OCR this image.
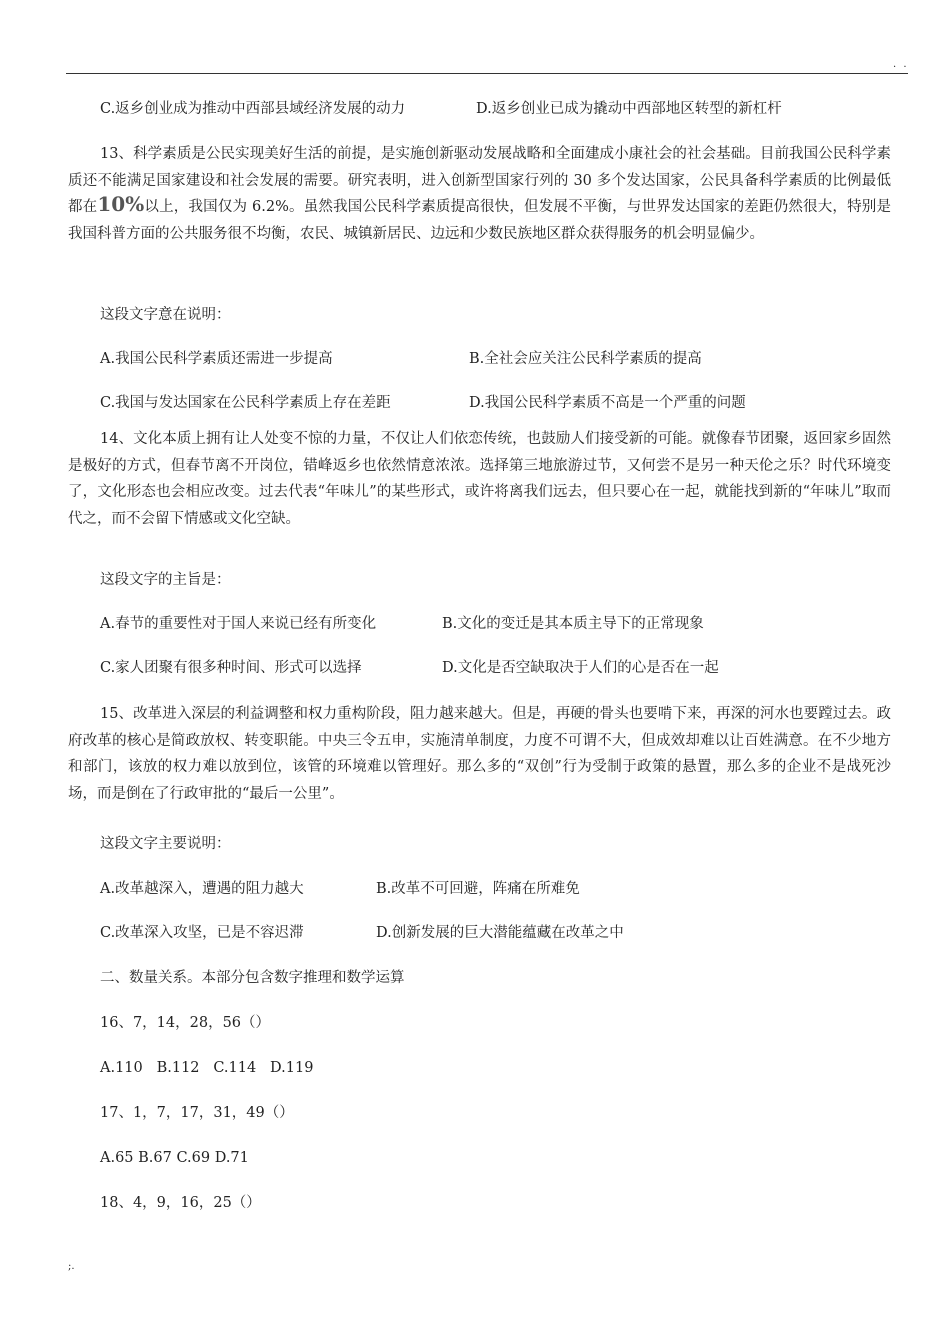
. .
C.返乡创业成为推动中西部县域经济发展的动力	D.返乡创业已成为撬动中西部地区转型的新杠杆
13、科学素质是公民实现美好生活的前提，是实施创新驱动发展战略和全面建成小康社会的社会基础。目前我国公民科学素质还不能满足国家建设和社会发展的需要。研究表明，进入创新型国家行列的 30 多个发达国家，公民具备科学素质的比例最低都在10%以上，我国仅为 6.2%。虽然我国公民科学素质提高很快，但发展不平衡，与世界发达国家的差距仍然很大，特别是我国科普方面的公共服务很不均衡，农民、城镇新居民、边远和少数民族地区群众获得服务的机会明显偏少。
这段文字意在说明：
A.我国公民科学素质还需进一步提高	B.全社会应关注公民科学素质的提高
C.我国与发达国家在公民科学素质上存在差距	D.我国公民科学素质不高是一个严重的问题
14、文化本质上拥有让人处变不惊的力量，不仅让人们依恋传统，也鼓励人们接受新的可能。就像春节团聚，返回家乡固然是极好的方式，但春节离不开岗位，错峰返乡也依然情意浓浓。选择第三地旅游过节，又何尝不是另一种天伦之乐？时代环境变了，文化形态也会相应改变。过去代表“年味儿”的某些形式，或许将离我们远去，但只要心在一起，就能找到新的“年味儿”取而代之，而不会留下情感或文化空缺。
这段文字的主旨是：
A.春节的重要性对于国人来说已经有所变化	B.文化的变迁是其本质主导下的正常现象
C.家人团聚有很多种时间、形式可以选择	D.文化是否空缺取决于人们的心是否在一起
15、改革进入深层的利益调整和权力重构阶段，阻力越来越大。但是，再硬的骨头也要啃下来，再深的河水也要蹚过去。政府改革的核心是简政放权、转变职能。中央三令五申，实施清单制度，力度不可谓不大，但成效却难以让百姓满意。在不少地方和部门，该放的权力难以放到位，该管的环境难以管理好。那么多的“双创”行为受制于政策的悬置，那么多的企业不是战死沙场，而是倒在了行政审批的“最后一公里”。
这段文字主要说明：
A.改革越深入，遭遇的阻力越大	B.改革不可回避，阵痛在所难免
C.改革深入攻坚，已是不容迟滞	D.创新发展的巨大潜能蕴藏在改革之中
二、数量关系。本部分包含数字推理和数学运算
16、7，14，28，56（）
A.110   B.112   C.114   D.119
17、1，7，17，31，49（）
A.65 B.67 C.69 D.71
18、4，9，16，25（）
;.
